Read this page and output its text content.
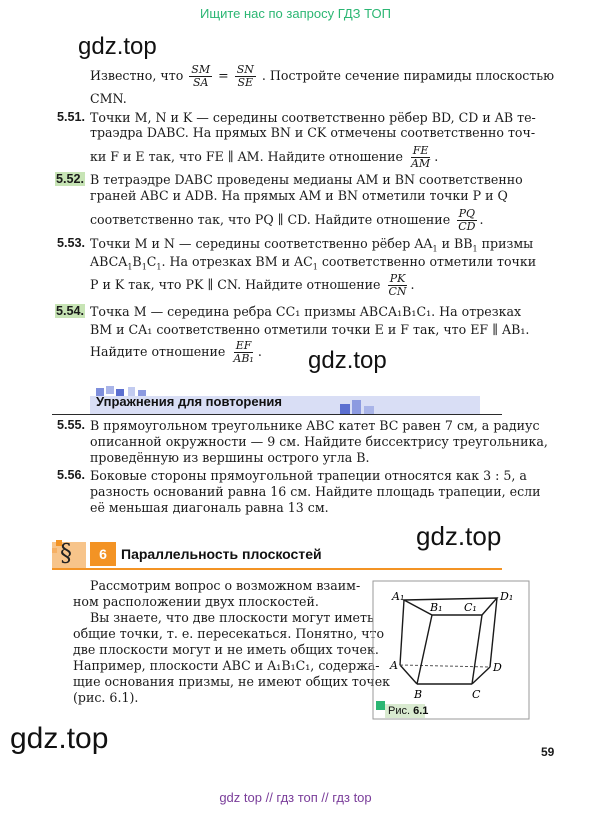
Ищите нас по запросу ГДЗ ТОП
gdz.top
Известно, что $\frac{SM}{SA} = \frac{SN}{SE}$ . Постройте сечение пирамиды плоскостью
CMN.
5.51. Точки M, N и K — середины соответственно рёбер BD, CD и AB те-
траэдра DABC. На прямых BN и CK отмечены соответственно точ-
ки F и E так, что FE ∥ AM. Найдите отношение $\frac{FE}{AM}$ .
5.52. В тетраэдре DABC проведены медианы AM и BN соответственно
граней ABC и ADB. На прямых AM и BN отметили точки P и Q
соответственно так, что PQ ∥ CD. Найдите отношение $\frac{PQ}{CD}$ .
5.53. Точки M и N — середины соответственно рёбер $AA_1$ и $BB_1$ призмы
$ABCA_1B_1C_1$. На отрезках BM и $AC_1$ соответственно отметили точки
P и K так, что PK ∥ CN. Найдите отношение $\frac{PK}{CN}$ .
5.54. Точка M — середина ребра CC₁ призмы ABCA₁B₁C₁. На отрезках
BM и CA₁ соответственно отметили точки E и F так, что EF ∥ AB₁.
Найдите отношение $\frac{EF}{\text{AB₁}}$ . gdz.top
Упражнения для повторения
5.55. В прямоугольном треугольнике ABC катет BC равен 7 см, а радиус
описанной окружности — 9 см. Найдите биссектрису треугольника,
проведённую из вершины острого угла B.
5.56. Боковые стороны прямоугольной трапеции относятся как 3 : 5, а
разность оснований равна 16 см. Найдите площадь трапеции, если
её меньшая диагональ равна 13 см.
gdz.top
§	6	Параллельность плоскостей
Рассмотрим вопрос о возможном взаим-
ном расположении двух плоскостей.
Вы знаете, что две плоскости могут иметь
общие точки, т. е. пересекаться. Понятно, что
две плоскости могут и не иметь общих точек.
Например, плоскости ABC и A₁B₁C₁, содержа-
щие основания призмы, не имеют общих точек
(рис. 6.1).
A₁
B₁ C₁
D₁
A	D
B	C
Рис. 6.1
59
gdz.top
gdz top // гдз топ // гдз top
